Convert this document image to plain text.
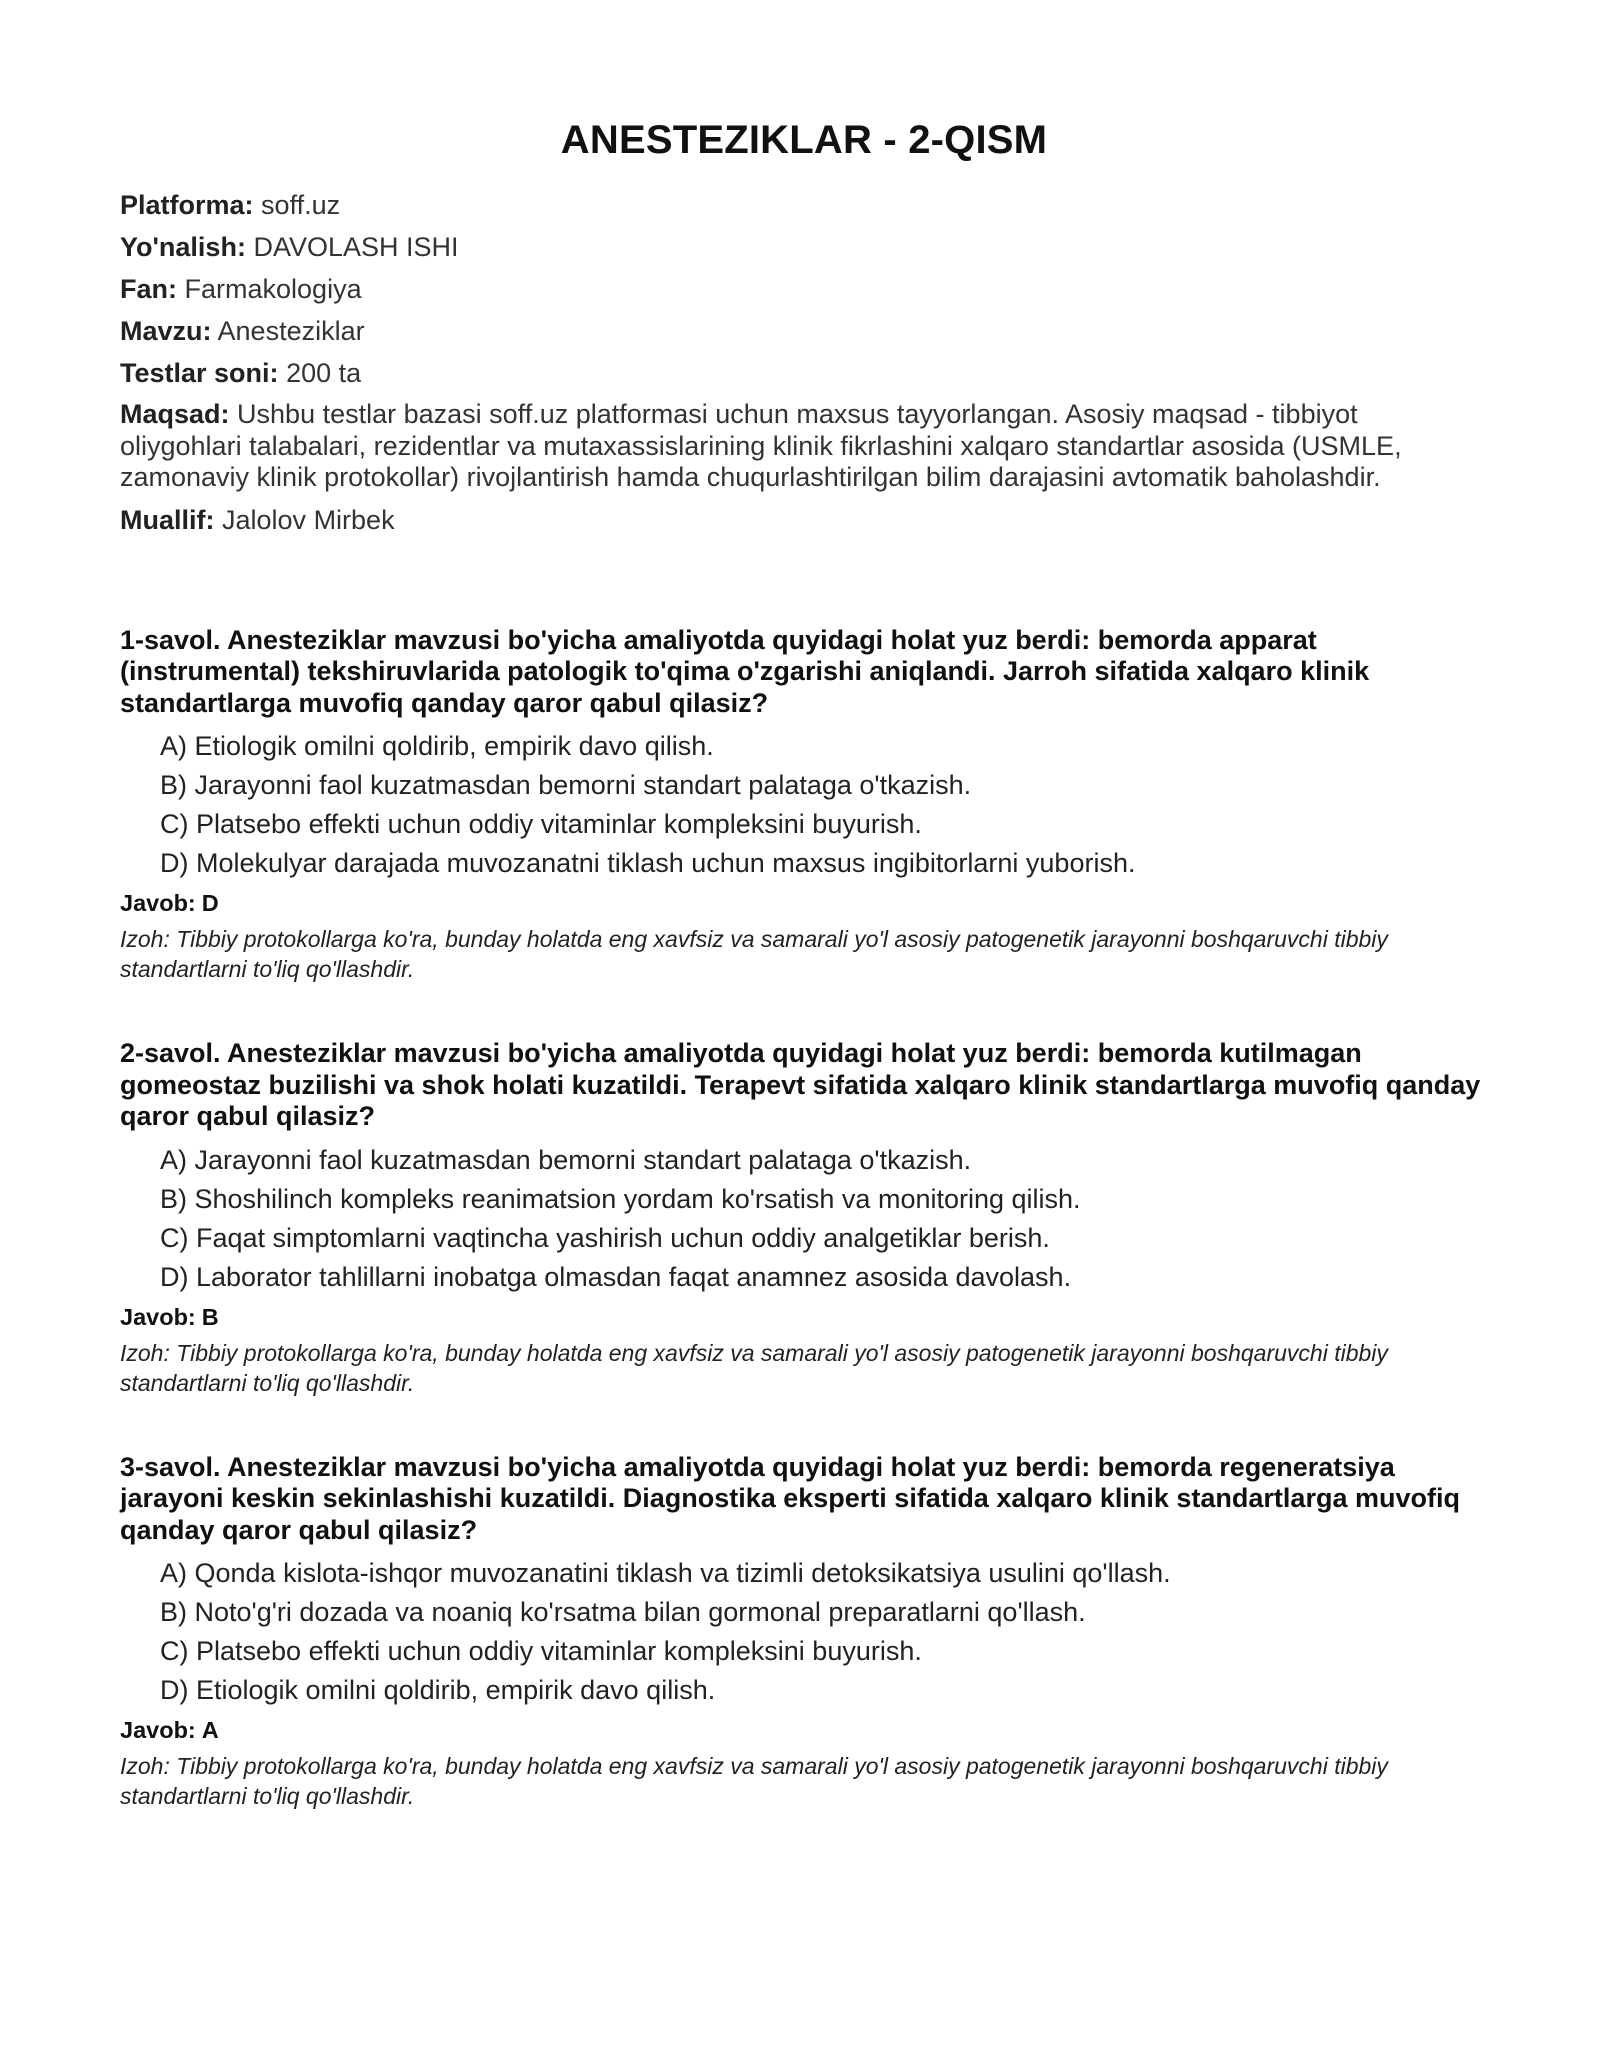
ANESTEZIKLAR - 2-QISM
Platforma: soff.uz
Yo'nalish: DAVOLASH ISHI
Fan: Farmakologiya
Mavzu: Anesteziklar
Testlar soni: 200 ta
Maqsad: Ushbu testlar bazasi soff.uz platformasi uchun maxsus tayyorlangan. Asosiy maqsad - tibbiyot oliygohlari talabalari, rezidentlar va mutaxassislarining klinik fikrlashini xalqaro standartlar asosida (USMLE, zamonaviy klinik protokollar) rivojlantirish hamda chuqurlashtirilgan bilim darajasini avtomatik baholashdir.
Muallif: Jalolov Mirbek
1-savol. Anesteziklar mavzusi bo'yicha amaliyotda quyidagi holat yuz berdi: bemorda apparat (instrumental) tekshiruvlarida patologik to'qima o'zgarishi aniqlandi. Jarroh sifatida xalqaro klinik standartlarga muvofiq qanday qaror qabul qilasiz?
A) Etiologik omilni qoldirib, empirik davo qilish.
B) Jarayonni faol kuzatmasdan bemorni standart palataga o'tkazish.
C) Platsebo effekti uchun oddiy vitaminlar kompleksini buyurish.
D) Molekulyar darajada muvozanatni tiklash uchun maxsus ingibitorlarni yuborish.
Javob: D
Izoh: Tibbiy protokollarga ko'ra, bunday holatda eng xavfsiz va samarali yo'l asosiy patogenetik jarayonni boshqaruvchi tibbiy standartlarni to'liq qo'llashdir.
2-savol. Anesteziklar mavzusi bo'yicha amaliyotda quyidagi holat yuz berdi: bemorda kutilmagan gomeostaz buzilishi va shok holati kuzatildi. Terapevt sifatida xalqaro klinik standartlarga muvofiq qanday qaror qabul qilasiz?
A) Jarayonni faol kuzatmasdan bemorni standart palataga o'tkazish.
B) Shoshilinch kompleks reanimatsion yordam ko'rsatish va monitoring qilish.
C) Faqat simptomlarni vaqtincha yashirish uchun oddiy analgetiklar berish.
D) Laborator tahlillarni inobatga olmasdan faqat anamnez asosida davolash.
Javob: B
Izoh: Tibbiy protokollarga ko'ra, bunday holatda eng xavfsiz va samarali yo'l asosiy patogenetik jarayonni boshqaruvchi tibbiy standartlarni to'liq qo'llashdir.
3-savol. Anesteziklar mavzusi bo'yicha amaliyotda quyidagi holat yuz berdi: bemorda regeneratsiya jarayoni keskin sekinlashishi kuzatildi. Diagnostika eksperti sifatida xalqaro klinik standartlarga muvofiq qanday qaror qabul qilasiz?
A) Qonda kislota-ishqor muvozanatini tiklash va tizimli detoksikatsiya usulini qo'llash.
B) Noto'g'ri dozada va noaniq ko'rsatma bilan gormonal preparatlarni qo'llash.
C) Platsebo effekti uchun oddiy vitaminlar kompleksini buyurish.
D) Etiologik omilni qoldirib, empirik davo qilish.
Javob: A
Izoh: Tibbiy protokollarga ko'ra, bunday holatda eng xavfsiz va samarali yo'l asosiy patogenetik jarayonni boshqaruvchi tibbiy standartlarni to'liq qo'llashdir.
